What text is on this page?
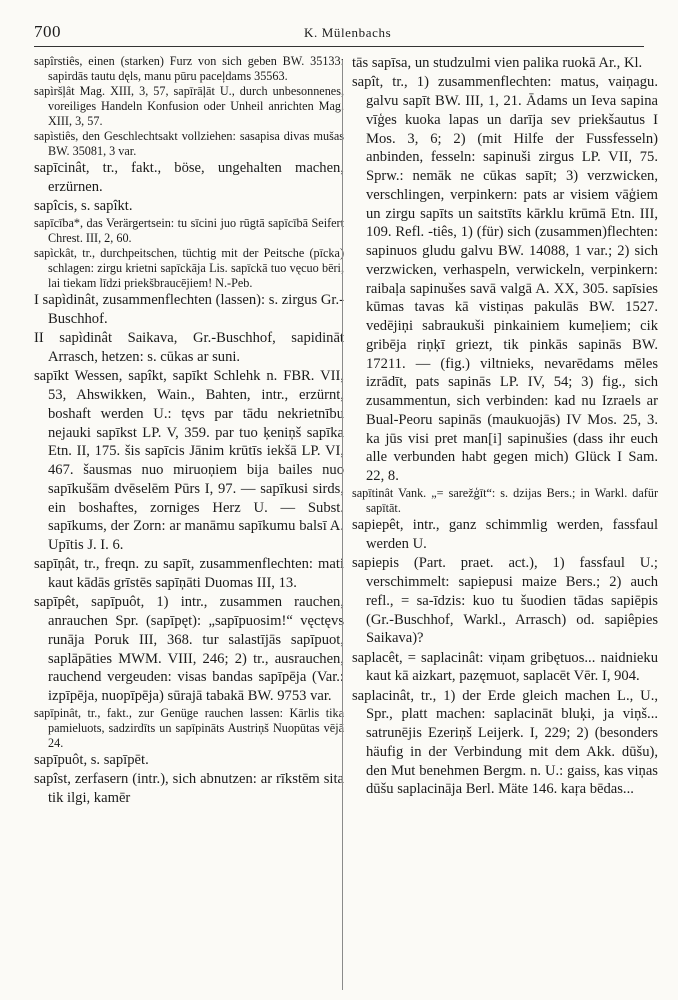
700	K. Mülenbachs

sapîrstiês, einen (starken) Furz von sich geben BW. 35133: sapirdās tautu dęls, manu pūru paceļdams 35563.

sapìršļât Mag. XIII, 3, 57, sapīrāļāt U., durch unbesonnenes, voreiliges Handeln Konfusion oder Unheil anrichten Mag. XIII, 3, 57.

sapìstiês, den Geschlechtsakt vollziehen: sasapisa divas mušas BW. 35081, 3 var.

sapīcinât, tr., fakt., böse, ungehalten machen, erzürnen.

sapîcis, s. sapîkt.

sapīcība*, das Verärgertsein: tu sīcini juo rūgtā sapīcībā Seifert Chrest. III, 2, 60.

sapìckât, tr., durchpeitschen, tüchtig mit der Peitsche (pīcka) schlagen: zirgu krietni sapīckāja Lis. sapīckā tuo vęcuo bēri, lai tiekam līdzi priekšbraucējiem! N.-Peb.

I sapìdinât, zusammenflechten (lassen): s. zirgus Gr.-Buschhof.

II sapìdinât Saikava, Gr.-Buschhof, sapidināt Arrasch, hetzen: s. cūkas ar suni.

sapīkt Wessen, sapîkt, sapīkt Schlehk n. FBR. VII, 53, Ahswikken, Wain., Bahten, intr., erzürnt, boshaft werden U.: tęvs par tādu nekrietnību nejauki sapīkst LP. V, 359. par tuo ķeniņš sapīka Etn. II, 175. šis sapīcis Jānim krūtīs iekšā LP. VI, 467. šausmas nuo miruoņiem bija bailes nuo sapīkušām dvēselēm Pūrs I, 97. — sapīkusi sirds, ein boshaftes, zorniges Herz U. — Subst. sapīkums, der Zorn: ar manāmu sapīkumu balsī A. Upītis J. I. 6.

sapīņât, tr., freqn. zu sapīt, zusammenflechten: mati kaut kādās grīstēs sapīņāti Duomas III, 13.

sapīpêt, sapīpuôt, 1) intr., zusammen rauchen, anrauchen Spr. (sapīpęt): „sapīpuosim!“ vęctęvs runāja Poruk III, 368. tur salastījās sapīpuot, saplāpāties MWM. VIII, 246; 2) tr., ausrauchen, rauchend vergeuden: visas bandas sapīpēja (Var.: izpīpēja, nuopīpēja) sūrajā tabakā BW. 9753 var.

sapīpinât, tr., fakt., zur Genüge rauchen lassen: Kārlis tika pamieluots, sadzirdīts un sapīpināts Austriņš Nuopūtas vējā 24.

sapīpuôt, s. sapīpēt.

sapîst, zerfasern (intr.), sich abnutzen: ar rīkstēm sita tik ilgi, kamēr

tās sapīsa, un studzulmi vien palika ruokā Ar., Kl.

sapît, tr., 1) zusammenflechten: matus, vaiņagu. galvu sapīt BW. III, 1, 21. Ādams un Ieva sapina vīģes kuoka lapas un darīja sev priekšautus I Mos. 3, 6; 2) (mit Hilfe der Fussfesseln) anbinden, fesseln: sapinuši zirgus LP. VII, 75. Sprw.: nemāk ne cūkas sapīt; 3) verzwicken, verschlingen, verpinkern: pats ar visiem vāģiem un zirgu sapīts un saitstīts kārklu krūmā Etn. III, 109. Refl. -tiês, 1) (für) sich (zusammen)flechten: sapinuos gludu galvu BW. 14088, 1 var.; 2) sich verzwicken, verhaspeln, verwickeln, verpinkern: raibaļa sapinušes savā valgā A. XX, 305. sapīsies kūmas tavas kā vistiņas pakulās BW. 1527. vedējiņi sabraukuši pinkainiem kumeļiem; cik gribēja riņķī griezt, tik pinkās sapinās BW. 17211. — (fig.) viltnieks, nevarēdams mēles izrādīt, pats sapinās LP. IV, 54; 3) fig., sich zusammentun, sich verbinden: kad nu Izraels ar Bual-Peoru sapinās (maukuojās) IV Mos. 25, 3. ka jūs visi pret man[i] sapinušies (dass ihr euch alle verbunden habt gegen mich) Glück I Sam. 22, 8.

sapītinât Vank. „= sarežģīt“: s. dzijas Bers.; in Warkl. dafür sapītāt.

sapiepêt, intr., ganz schimmlig werden, fassfaul werden U.

sapiepis (Part. praet. act.), 1) fassfaul U.; verschimmelt: sapiepusi maize Bers.; 2) auch refl., = sa-īdzis: kuo tu šuodien tādas sapiēpis (Gr.-Buschhof, Warkl., Arrasch) od. sapiêpies Saikava)?

saplacêt, = saplacinât: viņam gribętuos... naidnieku kaut kā aizkart, pazęmuot, saplacēt Vēr. I, 904.

saplacinât, tr., 1) der Erde gleich machen L., U., Spr., platt machen: saplacināt bluķi, ja viņš... satrunējis Ezeriņš Leijerk. I, 229; 2) (besonders häufig in der Verbindung mit dem Akk. dūšu), den Mut benehmen Bergm. n. U.: gaiss, kas viņas dūšu saplacināja Berl. Mäte 146. kaŗa bēdas...
